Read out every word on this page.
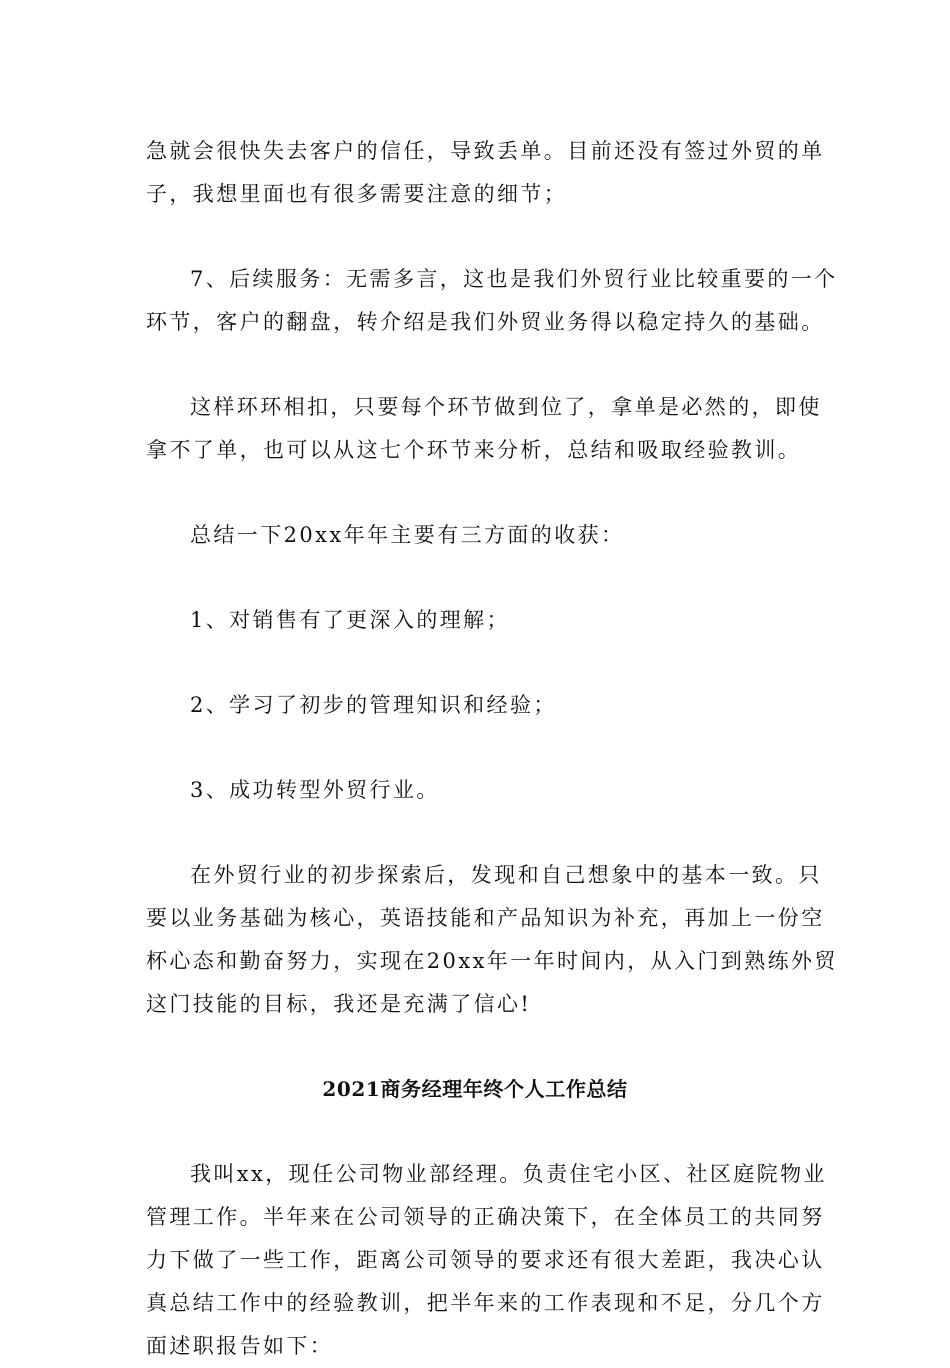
急就会很快失去客户的信任，导致丢单。目前还没有签过外贸的单
子，我想里面也有很多需要注意的细节；
7、后续服务：无需多言，这也是我们外贸行业比较重要的一个
环节，客户的翻盘，转介绍是我们外贸业务得以稳定持久的基础。
这样环环相扣，只要每个环节做到位了，拿单是必然的，即使
拿不了单，也可以从这七个环节来分析，总结和吸取经验教训。
总结一下20xx年年主要有三方面的收获：
1、对销售有了更深入的理解；
2、学习了初步的管理知识和经验；
3、成功转型外贸行业。
在外贸行业的初步探索后，发现和自己想象中的基本一致。只
要以业务基础为核心，英语技能和产品知识为补充，再加上一份空
杯心态和勤奋努力，实现在20xx年一年时间内，从入门到熟练外贸
这门技能的目标，我还是充满了信心!
2021商务经理年终个人工作总结
我叫xx，现任公司物业部经理。负责住宅小区、社区庭院物业
管理工作。半年来在公司领导的正确决策下，在全体员工的共同努
力下做了一些工作，距离公司领导的要求还有很大差距，我决心认
真总结工作中的经验教训，把半年来的工作表现和不足，分几个方
面述职报告如下：
